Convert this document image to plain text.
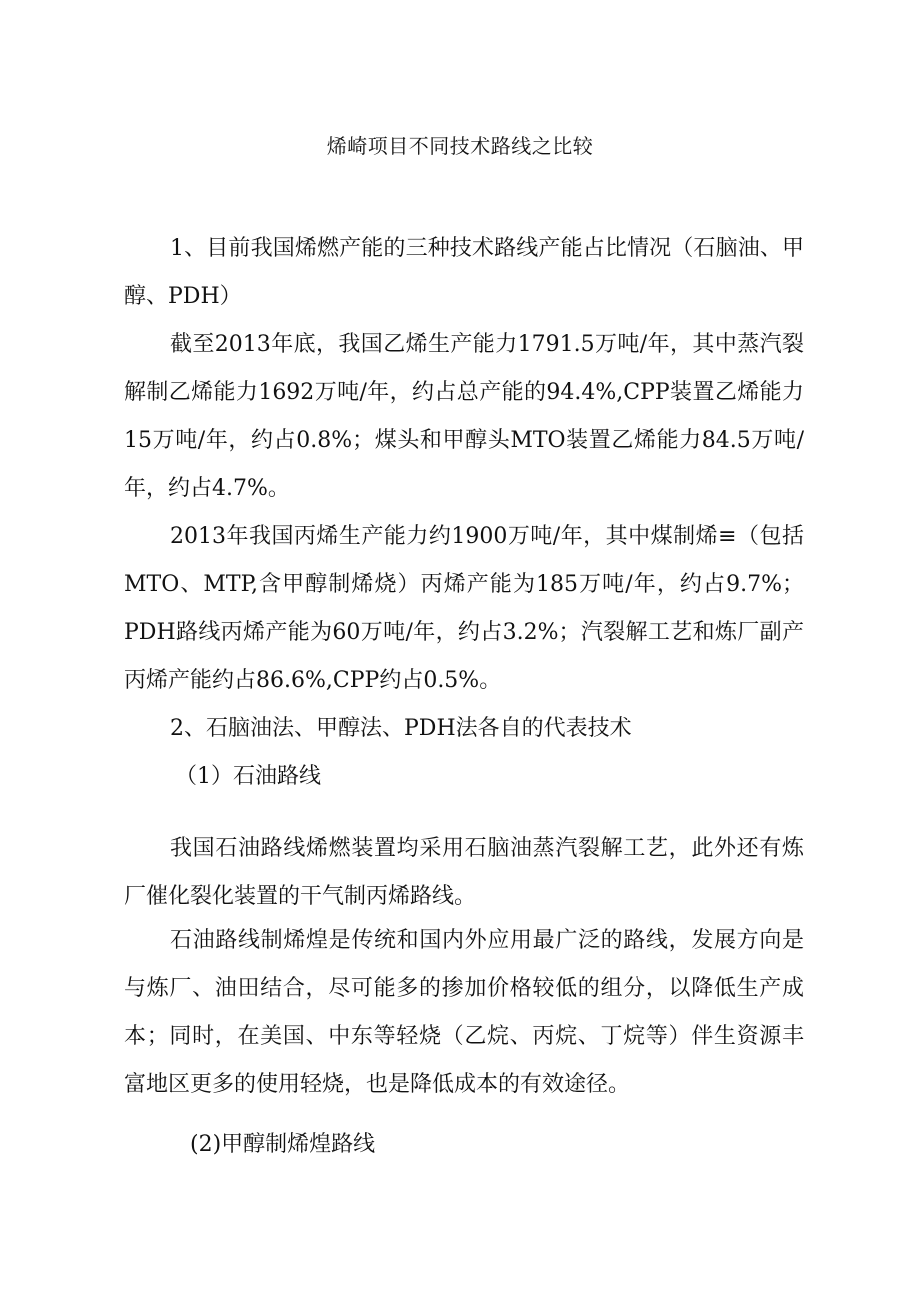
烯崎项目不同技术路线之比较

1、目前我国烯燃产能的三种技术路线产能占比情况（石脑油、甲醇、PDH）

截至2013年底，我国乙烯生产能力1791.5万吨/年，其中蒸汽裂解制乙烯能力1692万吨/年，约占总产能的94.4%,CPP装置乙烯能力15万吨/年，约占0.8%；煤头和甲醇头MTO装置乙烯能力84.5万吨/年，约占4.7%。

2013年我国丙烯生产能力约1900万吨/年，其中煤制烯≡（包括MTO、MTP,含甲醇制烯烧）丙烯产能为185万吨/年，约占9.7%；PDH路线丙烯产能为60万吨/年，约占3.2%；汽裂解工艺和炼厂副产丙烯产能约占86.6%,CPP约占0.5%。

2、石脑油法、甲醇法、PDH法各自的代表技术

（1）石油路线

我国石油路线烯燃装置均采用石脑油蒸汽裂解工艺，此外还有炼厂催化裂化装置的干气制丙烯路线。

石油路线制烯煌是传统和国内外应用最广泛的路线，发展方向是与炼厂、油田结合，尽可能多的掺加价格较低的组分，以降低生产成本；同时，在美国、中东等轻烧（乙烷、丙烷、丁烷等）伴生资源丰富地区更多的使用轻烧，也是降低成本的有效途径。

(2)甲醇制烯煌路线
